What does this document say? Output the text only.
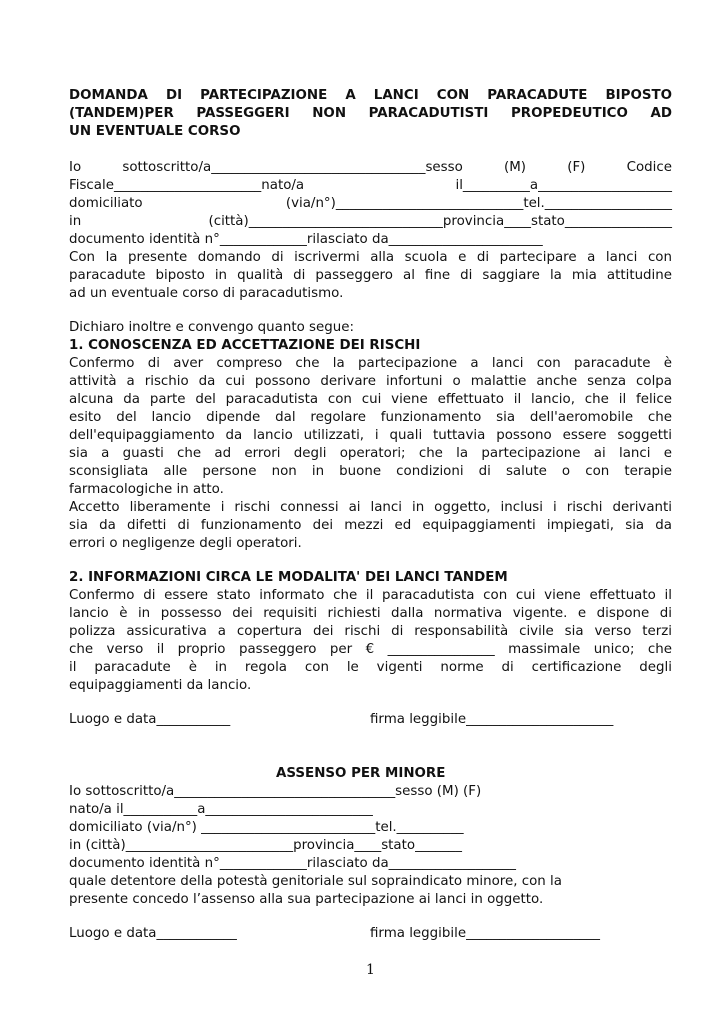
DOMANDA DI PARTECIPAZIONE A LANCI CON PARACADUTE BIPOSTO
(TANDEM)PER PASSEGGERI NON PARACADUTISTI PROPEDEUTICO AD
UN EVENTUALE CORSO
Io sottoscritto/a________________________________sesso (M) (F) Codice
Fiscale______________________nato/a il__________a____________________
domiciliato (via/n°)____________________________tel.___________________
in (città)_____________________________provincia____stato________________
documento identità n°_____________rilasciato da_______________________
Con la presente domando di iscrivermi alla scuola e di partecipare a lanci con
paracadute biposto in qualità di passeggero al fine di saggiare la mia attitudine
ad un eventuale corso di paracadutismo.
Dichiaro inoltre e convengo quanto segue:
1. CONOSCENZA ED ACCETTAZIONE DEI RISCHI
Confermo di aver compreso che la partecipazione a lanci con paracadute è
attività a rischio da cui possono derivare infortuni o malattie anche senza colpa
alcuna da parte del paracadutista con cui viene effettuato il lancio, che il felice
esito del lancio dipende dal regolare funzionamento sia dell'aeromobile che
dell'equipaggiamento da lancio utilizzati, i quali tuttavia possono essere soggetti
sia a guasti che ad errori degli operatori; che la partecipazione ai lanci e
sconsigliata alle persone non in buone condizioni di salute o con terapie
farmacologiche in atto.
Accetto liberamente i rischi connessi ai lanci in oggetto, inclusi i rischi derivanti
sia da difetti di funzionamento dei mezzi ed equipaggiamenti impiegati, sia da
errori o negligenze degli operatori.
2. INFORMAZIONI CIRCA LE MODALITA' DEI LANCI TANDEM
Confermo di essere stato informato che il paracadutista con cui viene effettuato il
lancio è in possesso dei requisiti richiesti dalla normativa vigente. e dispone di
polizza assicurativa a copertura dei rischi di responsabilità civile sia verso terzi
che verso il proprio passeggero per € ________________ massimale unico; che
il paracadute è in regola con le vigenti norme di certificazione degli
equipaggiamenti da lancio.
Luogo e data___________	firma leggibile______________________
ASSENSO PER MINORE
Io sottoscritto/a_________________________________sesso (M) (F)
nato/a il___________a_________________________
domiciliato (via/n°) __________________________tel.__________
in (città)_________________________provincia____stato_______
documento identità n°_____________rilasciato da___________________
quale detentore della potestà genitoriale sul sopraindicato minore, con la
presente concedo l’assenso alla sua partecipazione ai lanci in oggetto.
Luogo e data____________	firma leggibile____________________
1
